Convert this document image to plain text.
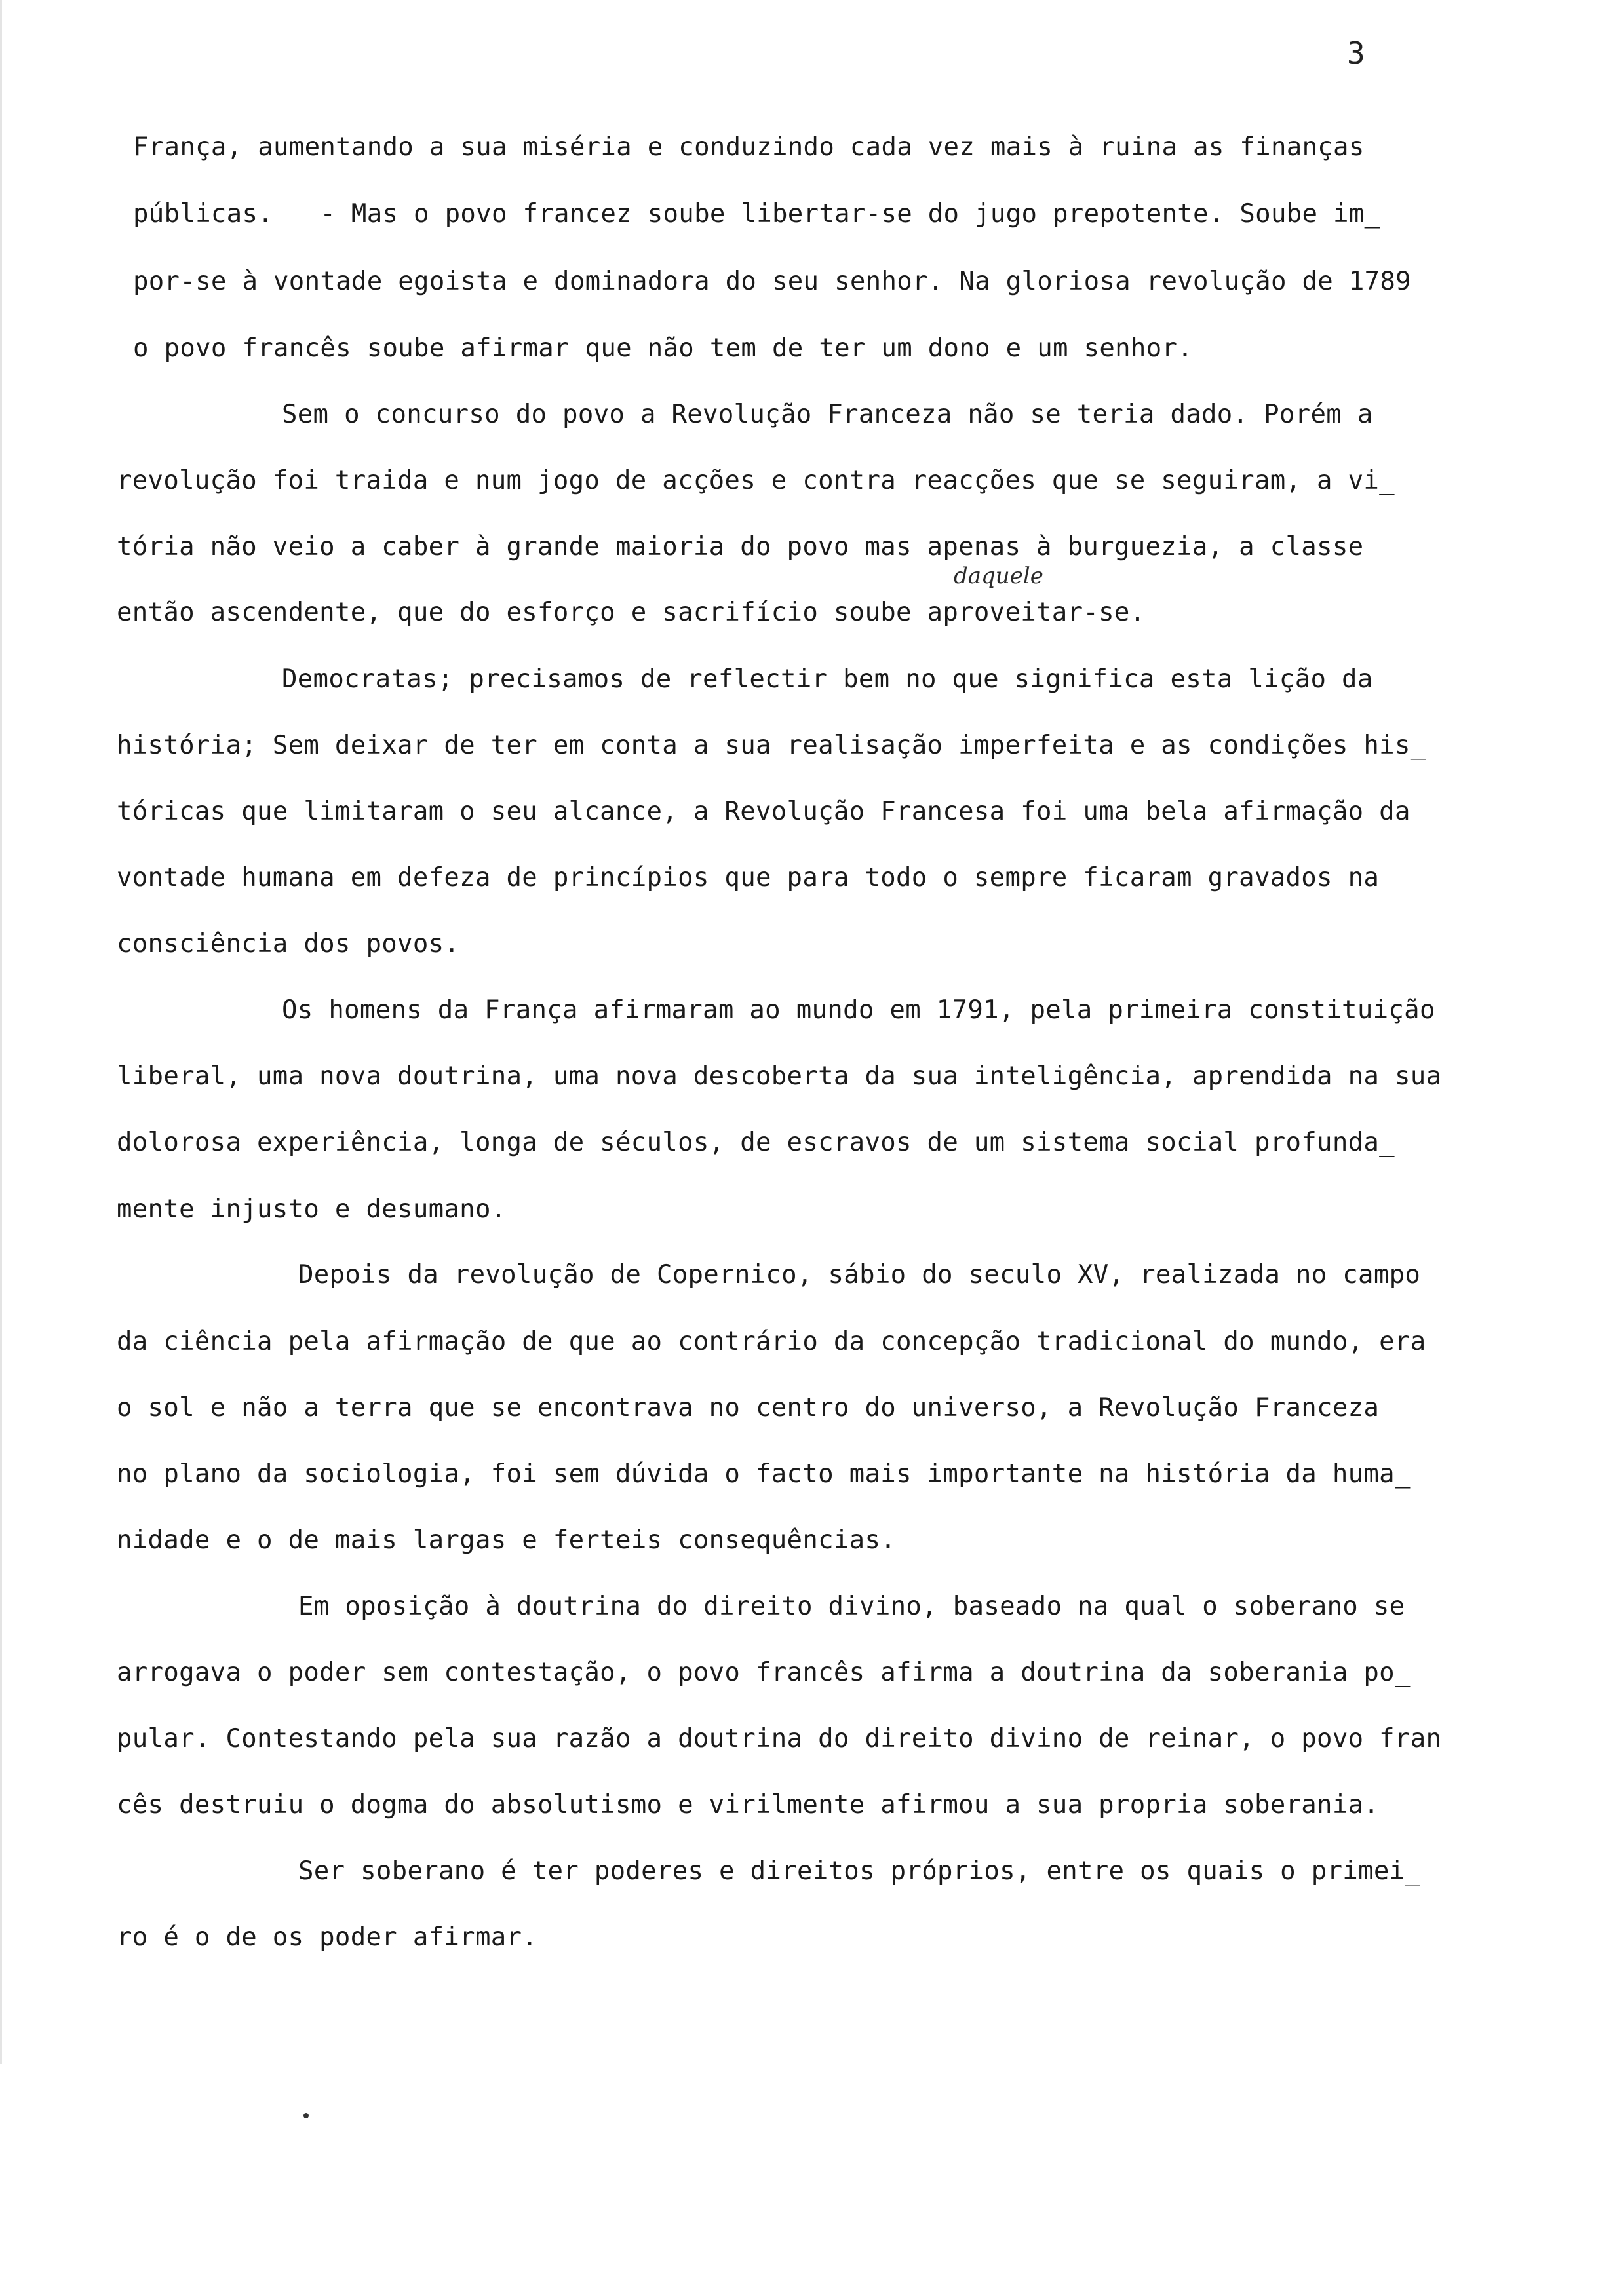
3
França, aumentando a sua miséria e conduzindo cada vez mais à ruina as finanças
públicas.   - Mas o povo francez soube libertar-se do jugo prepotente. Soube im_
por-se à vontade egoista e dominadora do seu senhor. Na gloriosa revolução de 1789
o povo francês soube afirmar que não tem de ter um dono e um senhor.
Sem o concurso do povo a Revolução Franceza não se teria dado. Porém a
revolução foi traida e num jogo de acções e contra reacções que se seguiram, a vi_
tória não veio a caber à grande maioria do povo mas apenas à burguezia, a classe
daquele
então ascendente, que do esforço e sacrifício soube aproveitar-se.
Democratas; precisamos de reflectir bem no que significa esta lição da
história; Sem deixar de ter em conta a sua realisação imperfeita e as condições his_
tóricas que limitaram o seu alcance, a Revolução Francesa foi uma bela afirmação da
vontade humana em defeza de princípios que para todo o sempre ficaram gravados na
consciência dos povos.
Os homens da França afirmaram ao mundo em 1791, pela primeira constituição
liberal, uma nova doutrina, uma nova descoberta da sua inteligência, aprendida na sua
dolorosa experiência, longa de séculos, de escravos de um sistema social profunda_
mente injusto e desumano.
Depois da revolução de Copernico, sábio do seculo XV, realizada no campo
da ciência pela afirmação de que ao contrário da concepção tradicional do mundo, era
o sol e não a terra que se encontrava no centro do universo, a Revolução Franceza
no plano da sociologia, foi sem dúvida o facto mais importante na história da huma_
nidade e o de mais largas e ferteis consequências.
Em oposição à doutrina do direito divino, baseado na qual o soberano se
arrogava o poder sem contestação, o povo francês afirma a doutrina da soberania po_
pular. Contestando pela sua razão a doutrina do direito divino de reinar, o povo fran
cês destruiu o dogma do absolutismo e virilmente afirmou a sua propria soberania.
Ser soberano é ter poderes e direitos próprios, entre os quais o primei_
ro é o de os poder afirmar.
